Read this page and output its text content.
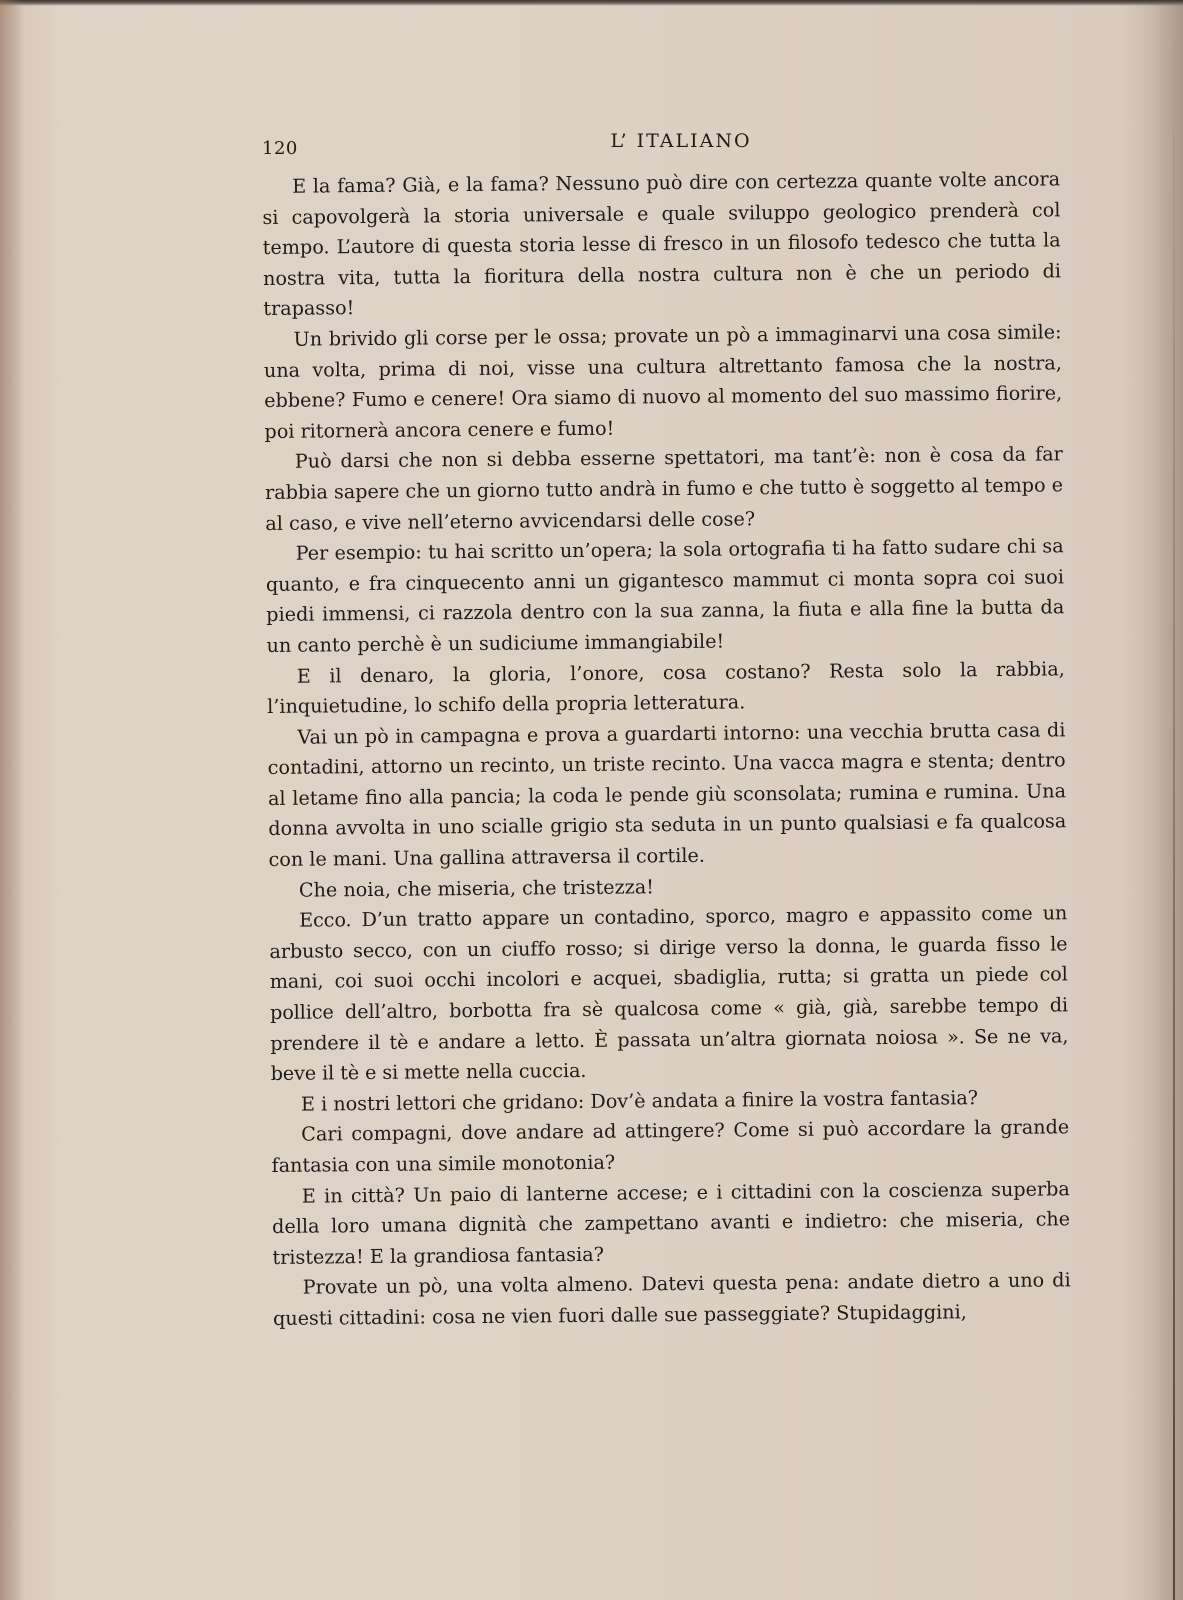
120	L’ ITALIANO

E la fama? Già, e la fama? Nessuno può dire con certezza quante volte ancora si capovolgerà la storia universale e quale sviluppo geologico prenderà col tempo. L’autore di questa storia lesse di fresco in un filosofo tedesco che tutta la nostra vita, tutta la fioritura della nostra cultura non è che un periodo di trapasso!

Un brivido gli corse per le ossa; provate un pò a immaginarvi una cosa simile: una volta, prima di noi, visse una cultura altrettanto famosa che la nostra, ebbene? Fumo e cenere! Ora siamo di nuovo al momento del suo massimo fiorire, poi ritornerà ancora cenere e fumo!

Può darsi che non si debba esserne spettatori, ma tant’è: non è cosa da far rabbia sapere che un giorno tutto andrà in fumo e che tutto è soggetto al tempo e al caso, e vive nell’eterno avvicendarsi delle cose?

Per esempio: tu hai scritto un’opera; la sola ortografia ti ha fatto sudare chi sa quanto, e fra cinquecento anni un gigantesco mammut ci monta sopra coi suoi piedi immensi, ci razzola dentro con la sua zanna, la fiuta e alla fine la butta da un canto perchè è un sudiciume immangiabile!

E il denaro, la gloria, l’onore, cosa costano? Resta solo la rabbia, l’inquietudine, lo schifo della propria letteratura.

Vai un pò in campagna e prova a guardarti intorno: una vecchia brutta casa di contadini, attorno un recinto, un triste recinto. Una vacca magra e stenta; dentro al letame fino alla pancia; la coda le pende giù sconsolata; rumina e rumina. Una donna avvolta in uno scialle grigio sta seduta in un punto qualsiasi e fa qualcosa con le mani. Una gallina attraversa il cortile.

Che noia, che miseria, che tristezza!

Ecco. D’un tratto appare un contadino, sporco, magro e appassito come un arbusto secco, con un ciuffo rosso; si dirige verso la donna, le guarda fisso le mani, coi suoi occhi incolori e acquei, sbadiglia, rutta; si gratta un piede col pollice dell’altro, borbotta fra sè qualcosa come « già, già, sarebbe tempo di prendere il tè e andare a letto. È passata un’altra giornata noiosa ». Se ne va, beve il tè e si mette nella cuccia.

E i nostri lettori che gridano: Dov’è andata a finire la vostra fantasia?

Cari compagni, dove andare ad attingere? Come si può accordare la grande fantasia con una simile monotonia?

E in città? Un paio di lanterne accese; e i cittadini con la coscienza superba della loro umana dignità che zampettano avanti e indietro: che miseria, che tristezza! E la grandiosa fantasia?

Provate un pò, una volta almeno. Datevi questa pena: andate dietro a uno di questi cittadini: cosa ne vien fuori dalle sue passeggiate? Stupidaggini,
